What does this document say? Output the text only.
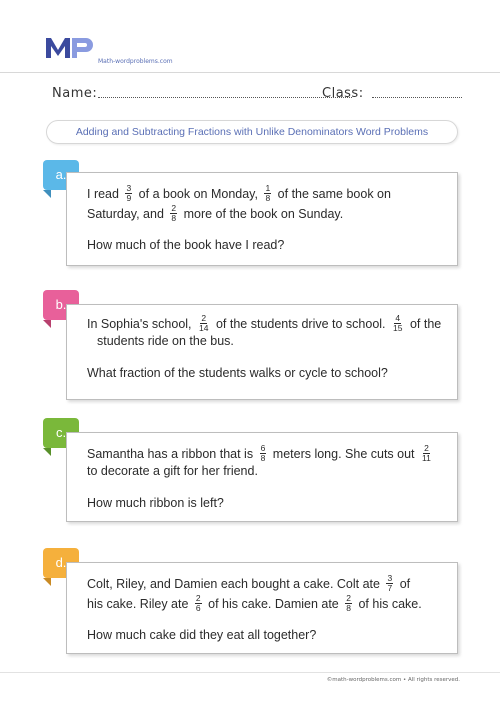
Math-wordproblems.com
Name:	Class:
Adding and Subtracting Fractions with Unlike Denominators Word Problems
a.
I read $\frac{3}{9}$ of a book on Monday, $\frac{1}{8}$ of the same book on
Saturday, and $\frac{2}{8}$ more of the book on Sunday.
How much of the book have I read?
b.
In Sophia's school, $\frac{2}{14}$ of the students drive to school. $\frac{4}{15}$ of the
students ride on the bus.
What fraction of the students walks or cycle to school?
c.
Samantha has a ribbon that is $\frac{6}{8}$ meters long. She cuts out $\frac{2}{11}$
to decorate a gift for her friend.
How much ribbon is left?
d.
Colt, Riley, and Damien each bought a cake. Colt ate $\frac{3}{7}$ of
his cake. Riley ate $\frac{2}{6}$ of his cake. Damien ate $\frac{2}{8}$ of his cake.
How much cake did they eat all together?
©math-wordproblems.com • All rights reserved.
